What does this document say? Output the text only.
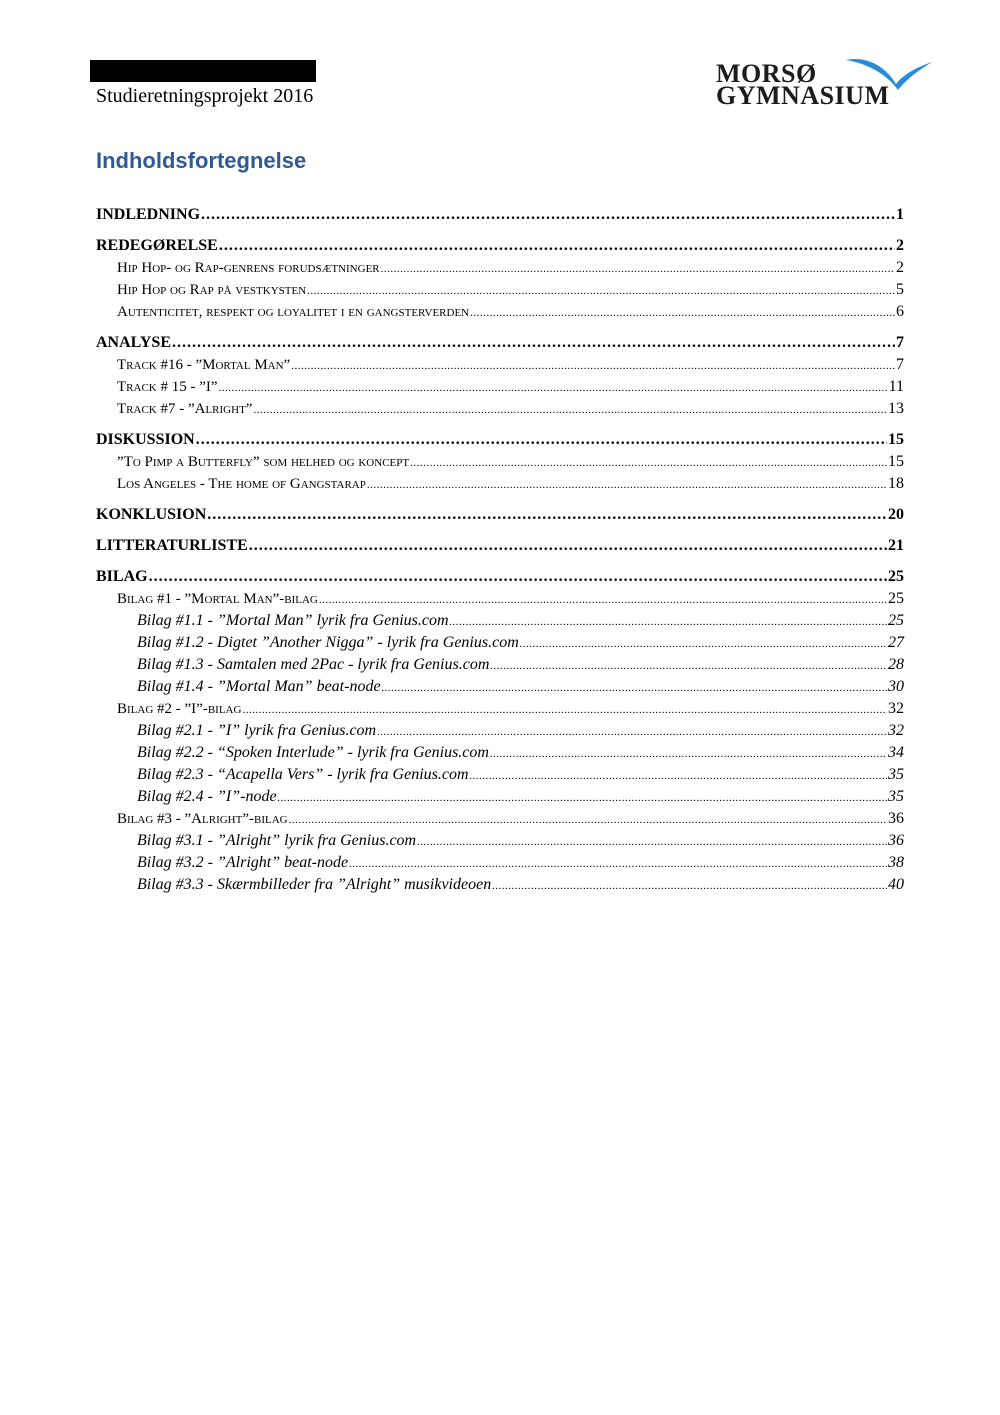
Studieretningsprojekt 2016
MORSØ
GYMNASIUM
Indholdsfortegnelse
INDLEDNING .....	1
REDEGØRELSE .....	2
Hip Hop- og Rap-genrens forudsætninger .....	2
Hip Hop og Rap på vestkysten .....	5
Autenticitet, respekt og loyalitet i en gangsterverden .....	6
ANALYSE .....	7
Track #16 - ”Mortal Man” .....	7
Track # 15 - ”I” .....	11
Track #7 - ”Alright” .....	13
DISKUSSION .....	15
”To Pimp a Butterfly” som helhed og koncept .....	15
Los Angeles - The home of Gangstarap .....	18
KONKLUSION .....	20
LITTERATURLISTE .....	21
BILAG .....	25
Bilag #1 - ”Mortal Man”-bilag .....	25
Bilag #1.1 - ”Mortal Man” lyrik fra Genius.com .....	25
Bilag #1.2 - Digtet ”Another Nigga” - lyrik fra Genius.com .....	27
Bilag #1.3 - Samtalen med 2Pac - lyrik fra Genius.com .....	28
Bilag #1.4 - ”Mortal Man” beat-node .....	30
Bilag #2 - ”I”-bilag .....	32
Bilag #2.1 - ”I” lyrik fra Genius.com .....	32
Bilag #2.2 - “Spoken Interlude” - lyrik fra Genius.com .....	34
Bilag #2.3 - “Acapella Vers” - lyrik fra Genius.com .....	35
Bilag #2.4 - ”I”-node .....	35
Bilag #3 - ”Alright”-bilag .....	36
Bilag #3.1 - ”Alright” lyrik fra Genius.com .....	36
Bilag #3.2 - ”Alright” beat-node .....	38
Bilag #3.3 - Skærmbilleder fra ”Alright” musikvideoen .....	40
